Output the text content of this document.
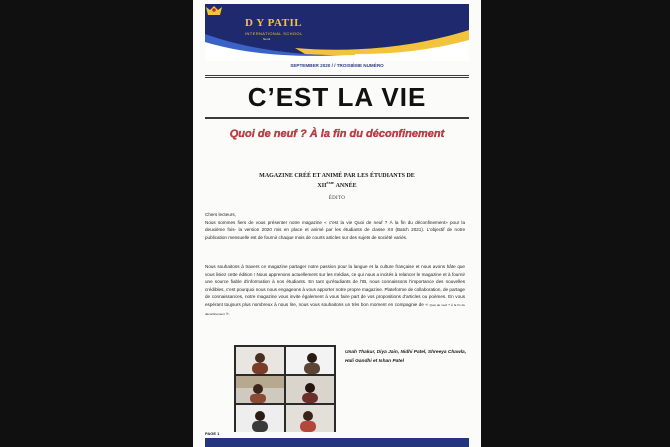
D Y PATIL
INTERNATIONAL SCHOOL
Nerul
SEPTEMBER 2020 / / TROISIÈME NUMÉRO
C’EST LA VIE
Quoi de neuf ? À la fin du déconfinement
MAGAZINE CRÉÉ ET ANIMÉ PAR LES ÉTUDIANTS DE
XIIÈME ANNÉE
ÉDITO
Chers lecteurs,
Nous sommes fiers de vous présenter notre magazine « c'est la vie Quoi de neuf ? À la fin du déconfinement» pour la deuxième fois- la version 2020 mis en place et animé par les étudiants de classe XII (Batch 2021). L'objectif de notre publication mensuelle est de fournir chaque mois de courts articles sur des sujets de société variés.
Nous souhaitons à travers ce magazine partager notre passion pour la langue et la culture française et nous avons hâte que vous lisiez cette édition ! Nous apprenons actuellement sur les médias, ce qui nous a incités à relancer le magazine et à fournir une source fiable d'information à nos étudiants. En tant qu'étudiants de l'IB, nous connaissons l'importance des nouvelles crédibles, c'est pourquoi nous nous engageons à vous apporter notre propre magazine. Plateforme de collaboration, de partage de connaissances, notre magazine vous invite également à vous faire part de vos propositions d'articles ou poèmes. En vous espérant toujours plus nombreux à nous lire, nous vous souhaitons un très bon moment en compagnie de « Quoi de neuf ? À la fin du déconfinement ».
Unah Thakur, Diya Jain, Nidhi Patel, Shreeya Chawla, Hali Gandhi et Ishan Patel
PAGE 1
